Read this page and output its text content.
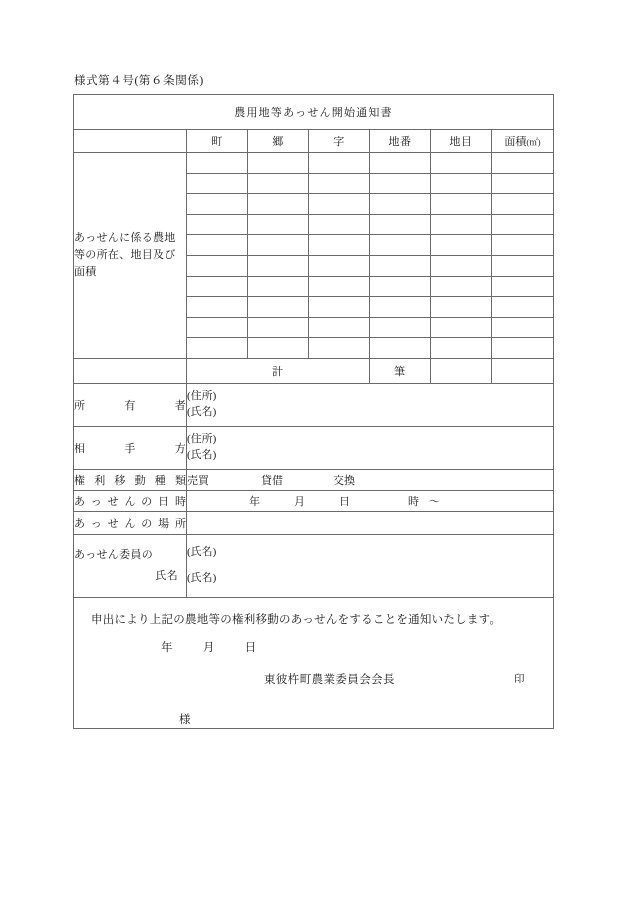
様式第４号(第６条関係)
農用地等あっせん開始通知書						
	町	郷	字	地番	地目	面積(㎡)
あっせんに係る農地等の所在、地目及び面積						

	計			筆		
所　有　者	(住所)
(氏名)					

相　手　方	(住所)
(氏名)					

権利移動種類	売買 貸借 交換					
あっせんの日時	年 月 日 時 ～					
あっせんの場所						

あっせん委員の
氏名

(氏名)
(氏名)

申出により上記の農地等の権利移動のあっせんをすることを通知いたします。
年 月 日
東彼杵町農業委員会会長 印
様						
